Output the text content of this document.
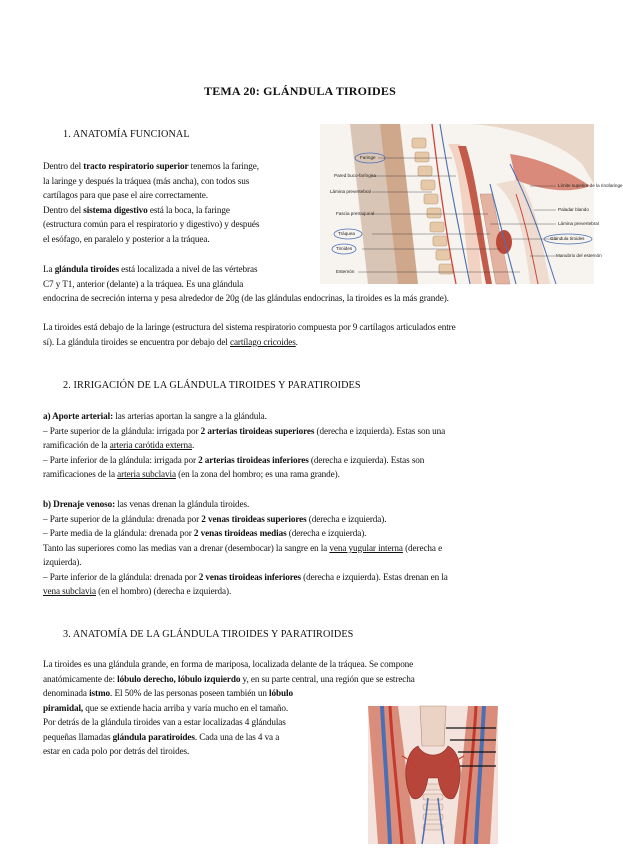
TEMA 20: GLÁNDULA TIROIDES
1. ANATOMÍA FUNCIONAL
Dentro del tracto respiratorio superior tenemos la faringe,
la laringe y después la tráquea (más ancha), con todos sus
cartílagos para que pase el aire correctamente.
Dentro del sistema digestivo está la boca, la faringe
(estructura común para el respiratorio y digestivo) y después
el esófago, en paralelo y posterior a la tráquea.
La glándula tiroides está localizada a nivel de las vértebras
C7 y T1, anterior (delante) a la tráquea. Es una glándula
endocrina de secreción interna y pesa alrededor de 20g (de las glándulas endocrinas, la tiroides es la más grande).
La tiroides está debajo de la laringe (estructura del sistema respiratorio compuesta por 9 cartílagos articulados entre
sí). La glándula tiroides se encuentra por debajo del cartílago cricoides.
Faringe
Pared buco-faríngea
Lámina prevertebral
Fascia pretraqueal
Tráquea
Tiroides
Esternón
Límite superior de la rinofaringe
Paladar blando
Lámina prevertebral
Glándula tiroides
Manubrio del esternón
2. IRRIGACIÓN DE LA GLÁNDULA TIROIDES Y PARATIROIDES
a) Aporte arterial: las arterias aportan la sangre a la glándula.
– Parte superior de la glándula: irrigada por 2 arterias tiroideas superiores (derecha e izquierda). Estas son una
ramificación de la arteria carótida externa.
– Parte inferior de la glándula: irrigada por 2 arterias tiroideas inferiores (derecha e izquierda). Estas son
ramificaciones de la arteria subclavia (en la zona del hombro; es una rama grande).
b) Drenaje venoso: las venas drenan la glándula tiroides.
– Parte superior de la glándula: drenada por 2 venas tiroideas superiores (derecha e izquierda).
– Parte media de la glándula: drenada por 2 venas tiroideas medias (derecha e izquierda).
Tanto las superiores como las medias van a drenar (desembocar) la sangre en la vena yugular interna (derecha e
izquierda).
– Parte inferior de la glándula: drenada por 2 venas tiroideas inferiores (derecha e izquierda). Estas drenan en la
vena subclavia (en el hombro) (derecha e izquierda).
3. ANATOMÍA DE LA GLÁNDULA TIROIDES Y PARATIROIDES
La tiroides es una glándula grande, en forma de mariposa, localizada delante de la tráquea. Se compone
anatómicamente de: lóbulo derecho, lóbulo izquierdo y, en su parte central, una región que se estrecha
denominada istmo. El 50% de las personas poseen también un lóbulo
piramidal, que se extiende hacia arriba y varía mucho en el tamaño.
Por detrás de la glándula tiroides van a estar localizadas 4 glándulas
pequeñas llamadas glándula paratiroides. Cada una de las 4 va a
estar en cada polo por detrás del tiroides.
